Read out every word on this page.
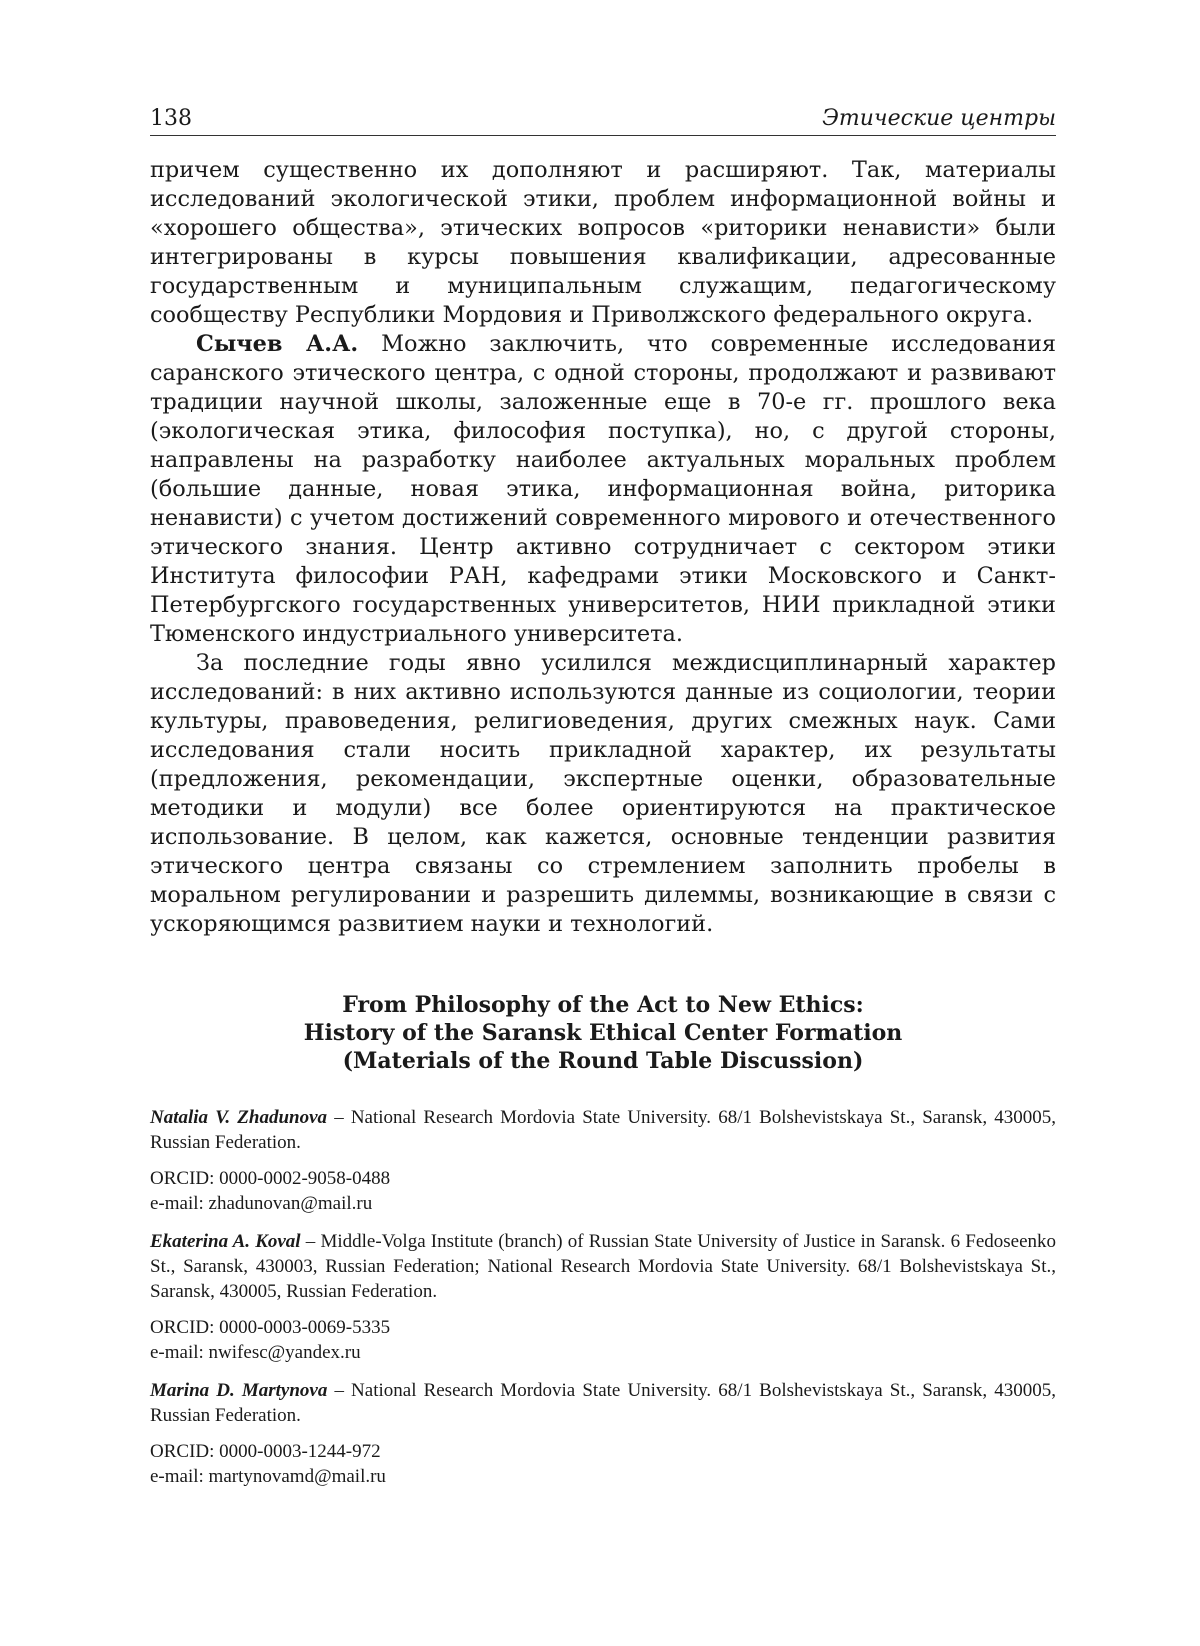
138	Этические центры

причем существенно их дополняют и расширяют. Так, материалы исследований экологической этики, проблем информационной войны и «хорошего общества», этических вопросов «риторики ненависти» были интегрированы в курсы повышения квалификации, адресованные государственным и муниципальным служащим, педагогическому сообществу Республики Мордовия и Приволжского федерального округа.

Сычев А.А. Можно заключить, что современные исследования саранского этического центра, с одной стороны, продолжают и развивают традиции научной школы, заложенные еще в 70-е гг. прошлого века (экологическая этика, философия поступка), но, с другой стороны, направлены на разработку наиболее актуальных моральных проблем (большие данные, новая этика, информационная война, риторика ненависти) с учетом достижений современного мирового и отечественного этического знания. Центр активно сотрудничает с сектором этики Института философии РАН, кафедрами этики Московского и Санкт-Петербургского государственных университетов, НИИ прикладной этики Тюменского индустриального университета.

За последние годы явно усилился междисциплинарный характер исследований: в них активно используются данные из социологии, теории культуры, правоведения, религиоведения, других смежных наук. Сами исследования стали носить прикладной характер, их результаты (предложения, рекомендации, экспертные оценки, образовательные методики и модули) все более ориентируются на практическое использование. В целом, как кажется, основные тенденции развития этического центра связаны со стремлением заполнить пробелы в моральном регулировании и разрешить дилеммы, возникающие в связи с ускоряющимся развитием науки и технологий.

From Philosophy of the Act to New Ethics:
History of the Saransk Ethical Center Formation
(Materials of the Round Table Discussion)

Natalia V. Zhadunova – National Research Mordovia State University. 68/1 Bolshevistskaya St., Saransk, 430005, Russian Federation.

ORCID: 0000-0002-9058-0488
e-mail: zhadunovan@mail.ru

Ekaterina A. Koval – Middle-Volga Institute (branch) of Russian State University of Justice in Saransk. 6 Fedoseenko St., Saransk, 430003, Russian Federation; National Research Mordovia State University. 68/1 Bolshevistskaya St., Saransk, 430005, Russian Federation.

ORCID: 0000-0003-0069-5335
e-mail: nwifesc@yandex.ru

Marina D. Martynova – National Research Mordovia State University. 68/1 Bolshevistskaya St., Saransk, 430005, Russian Federation.

ORCID: 0000-0003-1244-972
e-mail: martynovamd@mail.ru
